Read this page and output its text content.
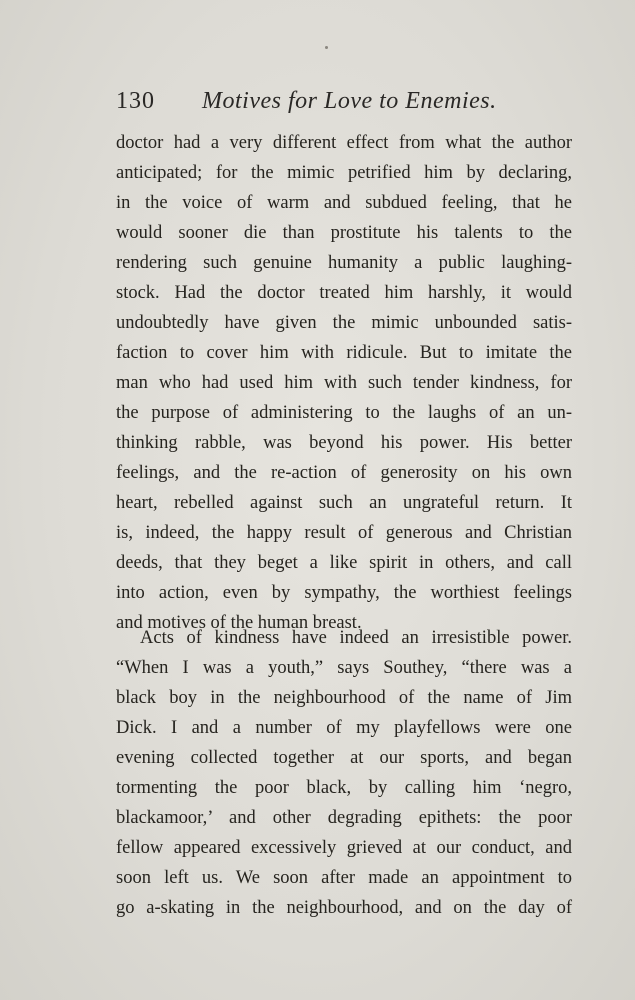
130 Motives for Love to Enemies.
doctor had a very different effect from what the author
anticipated; for the mimic petrified him by declaring,
in the voice of warm and subdued feeling, that he
would sooner die than prostitute his talents to the
rendering such genuine humanity a public laughing-
stock. Had the doctor treated him harshly, it would
undoubtedly have given the mimic unbounded satis-
faction to cover him with ridicule. But to imitate the
man who had used him with such tender kindness, for
the purpose of administering to the laughs of an un-
thinking rabble, was beyond his power. His better
feelings, and the re-action of generosity on his own
heart, rebelled against such an ungrateful return. It
is, indeed, the happy result of generous and Christian
deeds, that they beget a like spirit in others, and call
into action, even by sympathy, the worthiest feelings
and motives of the human breast.
Acts of kindness have indeed an irresistible power.
“When I was a youth,” says Southey, “there was a
black boy in the neighbourhood of the name of Jim
Dick. I and a number of my playfellows were one
evening collected together at our sports, and began
tormenting the poor black, by calling him ‘negro,
blackamoor,’ and other degrading epithets: the poor
fellow appeared excessively grieved at our conduct, and
soon left us. We soon after made an appointment to
go a-skating in the neighbourhood, and on the day of
